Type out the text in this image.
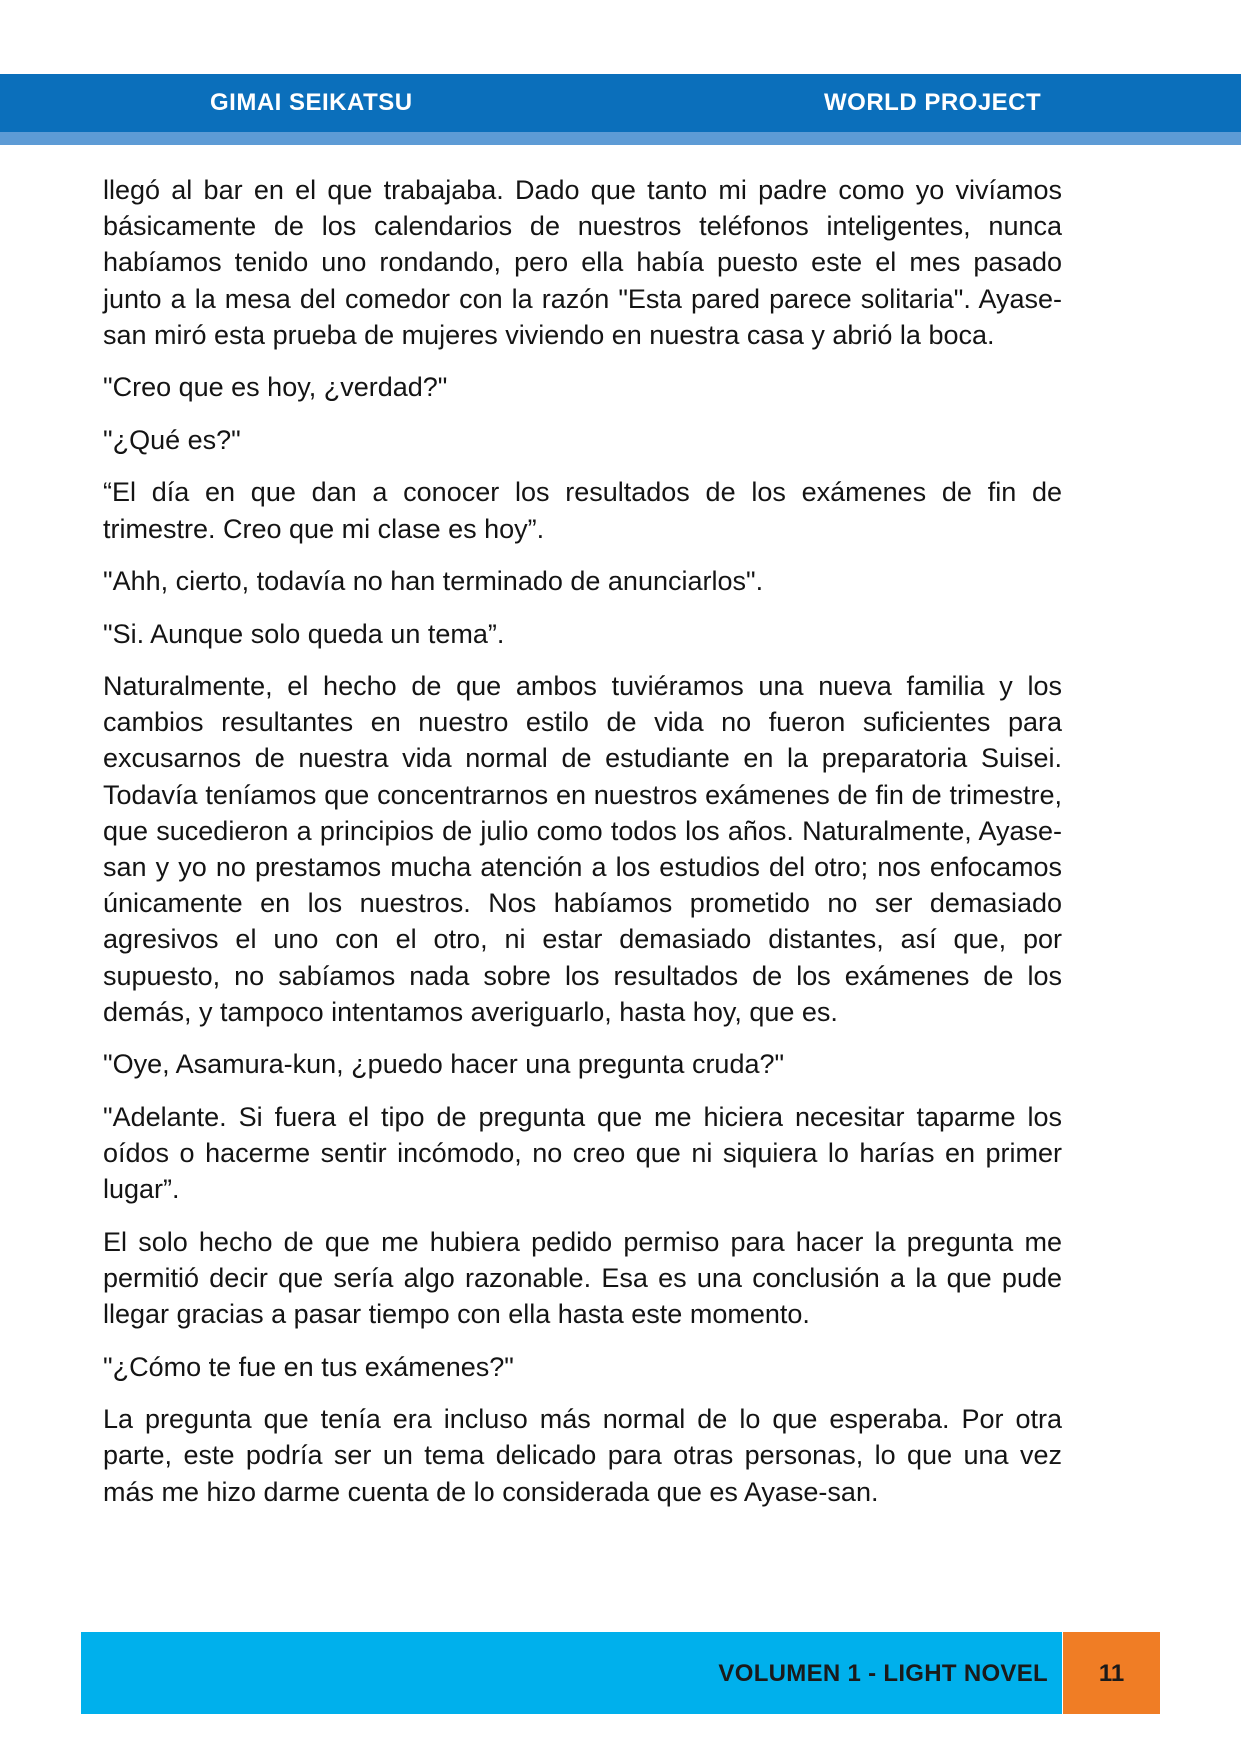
GIMAI SEIKATSU	WORLD PROJECT

llegó al bar en el que trabajaba. Dado que tanto mi padre como yo vivíamos básicamente de los calendarios de nuestros teléfonos inteligentes, nunca habíamos tenido uno rondando, pero ella había puesto este el mes pasado junto a la mesa del comedor con la razón "Esta pared parece solitaria". Ayase-san miró esta prueba de mujeres viviendo en nuestra casa y abrió la boca.

"Creo que es hoy, ¿verdad?"

"¿Qué es?"

“El día en que dan a conocer los resultados de los exámenes de fin de trimestre. Creo que mi clase es hoy”.

"Ahh, cierto, todavía no han terminado de anunciarlos".

"Si. Aunque solo queda un tema”.

Naturalmente, el hecho de que ambos tuviéramos una nueva familia y los cambios resultantes en nuestro estilo de vida no fueron suficientes para excusarnos de nuestra vida normal de estudiante en la preparatoria Suisei. Todavía teníamos que concentrarnos en nuestros exámenes de fin de trimestre, que sucedieron a principios de julio como todos los años. Naturalmente, Ayase-san y yo no prestamos mucha atención a los estudios del otro; nos enfocamos únicamente en los nuestros. Nos habíamos prometido no ser demasiado agresivos el uno con el otro, ni estar demasiado distantes, así que, por supuesto, no sabíamos nada sobre los resultados de los exámenes de los demás, y tampoco intentamos averiguarlo, hasta hoy, que es.

"Oye, Asamura-kun, ¿puedo hacer una pregunta cruda?"

"Adelante. Si fuera el tipo de pregunta que me hiciera necesitar taparme los oídos o hacerme sentir incómodo, no creo que ni siquiera lo harías en primer lugar”.

El solo hecho de que me hubiera pedido permiso para hacer la pregunta me permitió decir que sería algo razonable. Esa es una conclusión a la que pude llegar gracias a pasar tiempo con ella hasta este momento.

"¿Cómo te fue en tus exámenes?"

La pregunta que tenía era incluso más normal de lo que esperaba. Por otra parte, este podría ser un tema delicado para otras personas, lo que una vez más me hizo darme cuenta de lo considerada que es Ayase-san.

VOLUMEN 1 - LIGHT NOVEL	11
